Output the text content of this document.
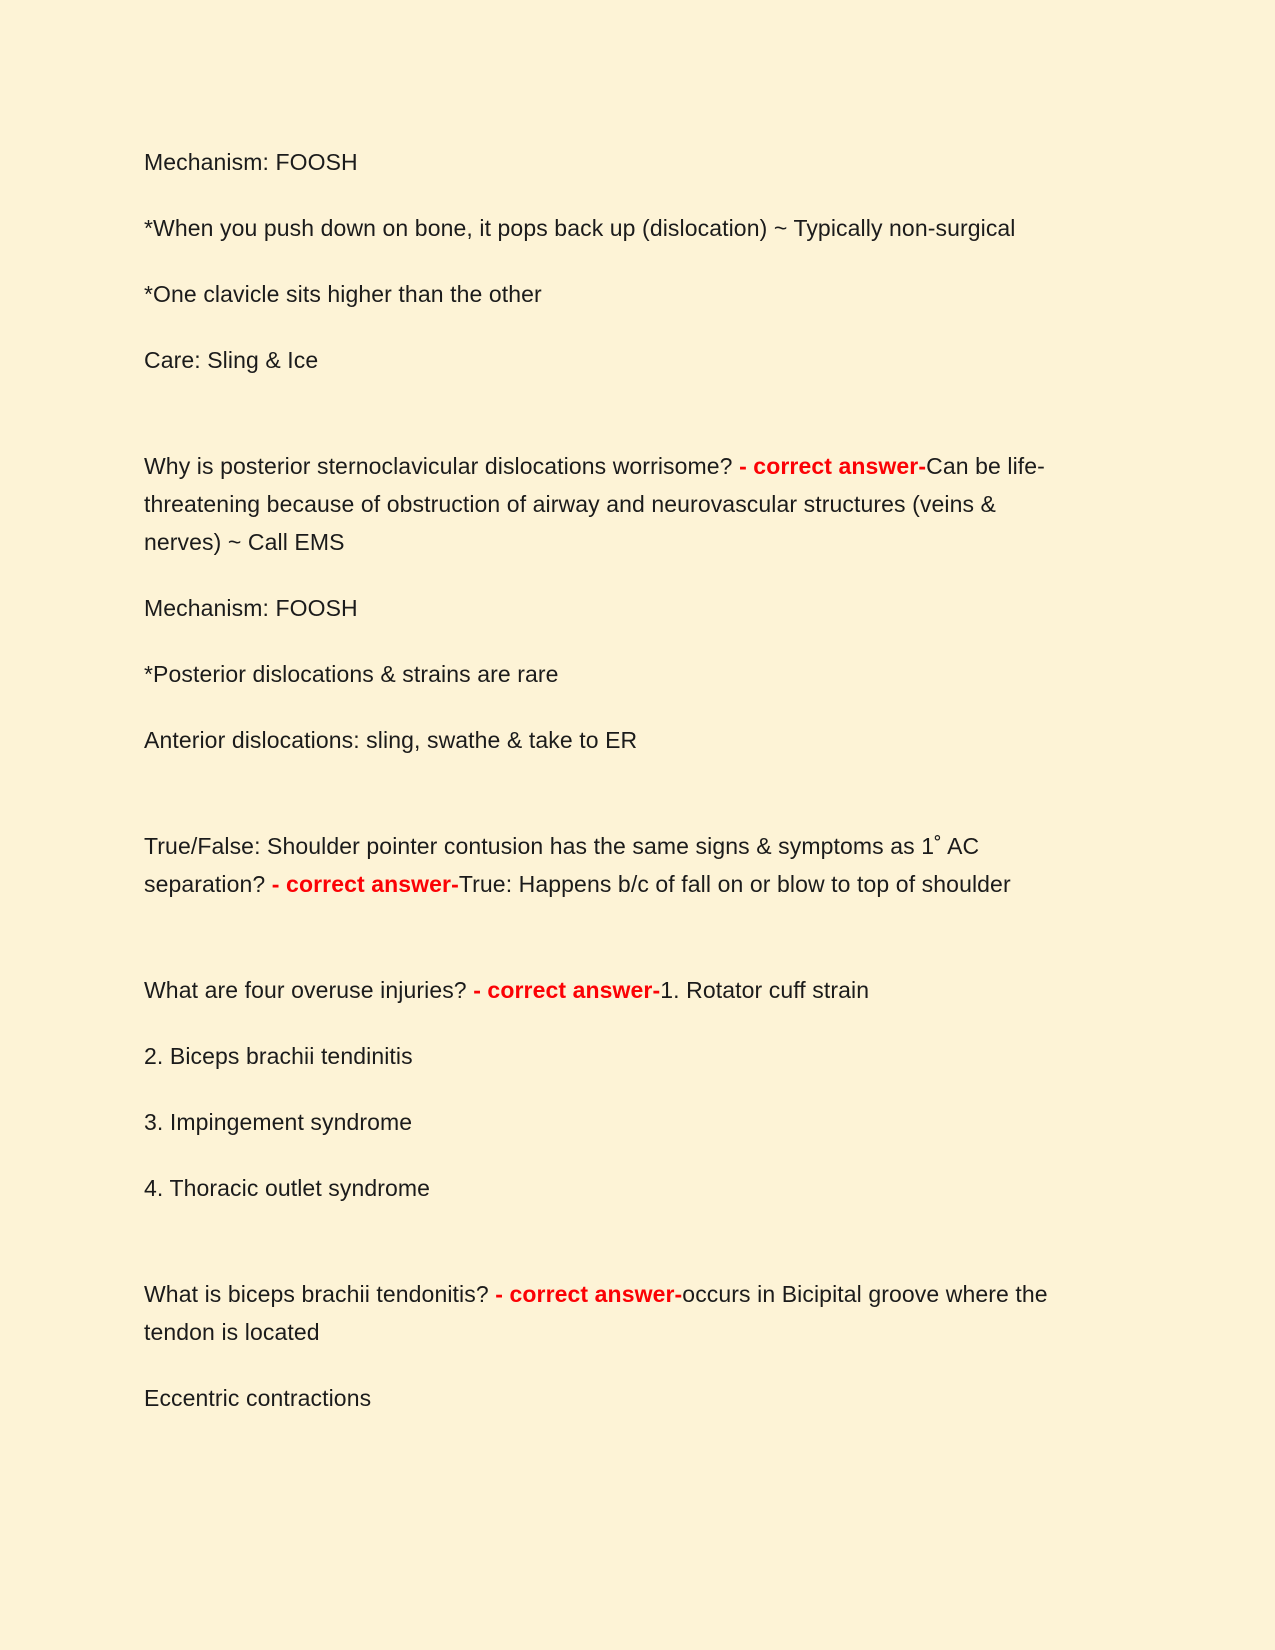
Mechanism: FOOSH

*When you push down on bone, it pops back up (dislocation) ~ Typically non-surgical

*One clavicle sits higher than the other

Care: Sling & Ice

Why is posterior sternoclavicular dislocations worrisome? - correct answer-Can be life-threatening because of obstruction of airway and neurovascular structures (veins & nerves) ~ Call EMS

Mechanism: FOOSH

*Posterior dislocations & strains are rare

Anterior dislocations: sling, swathe & take to ER

True/False: Shoulder pointer contusion has the same signs & symptoms as 1˚ AC separation? - correct answer-True: Happens b/c of fall on or blow to top of shoulder

What are four overuse injuries? - correct answer-1. Rotator cuff strain

2. Biceps brachii tendinitis

3. Impingement syndrome

4. Thoracic outlet syndrome

What is biceps brachii tendonitis? - correct answer-occurs in Bicipital groove where the tendon is located

Eccentric contractions
